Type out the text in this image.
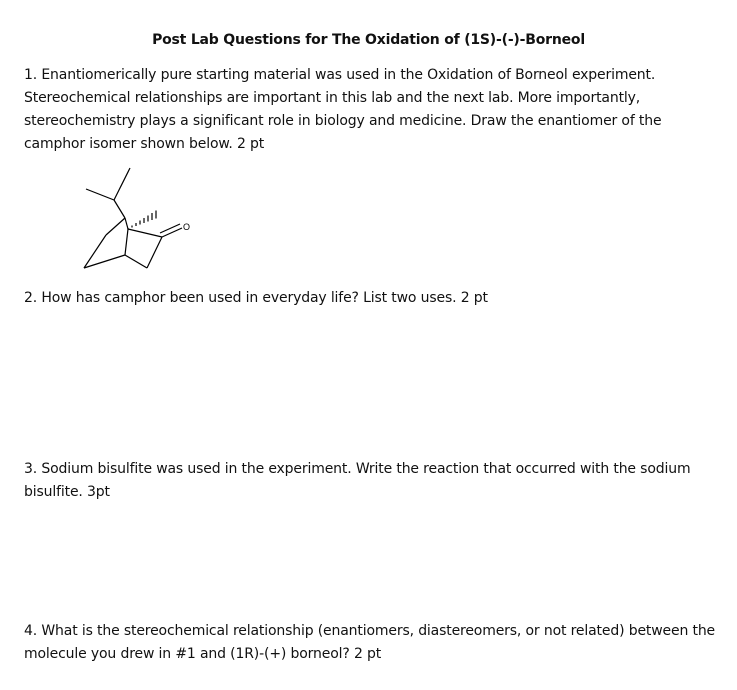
Post Lab Questions for The Oxidation of (1S)-(-)-Borneol
1. Enantiomerically pure starting material was used in the Oxidation of Borneol experiment. Stereochemical relationships are important in this lab and the next lab. More importantly, stereochemistry plays a significant role in biology and medicine. Draw the enantiomer of the camphor isomer shown below. 2 pt
O
2. How has camphor been used in everyday life? List two uses. 2 pt
3. Sodium bisulfite was used in the experiment. Write the reaction that occurred with the sodium bisulfite. 3pt
4. What is the stereochemical relationship (enantiomers, diastereomers, or not related) between the molecule you drew in #1 and (1R)-(+) borneol? 2 pt
